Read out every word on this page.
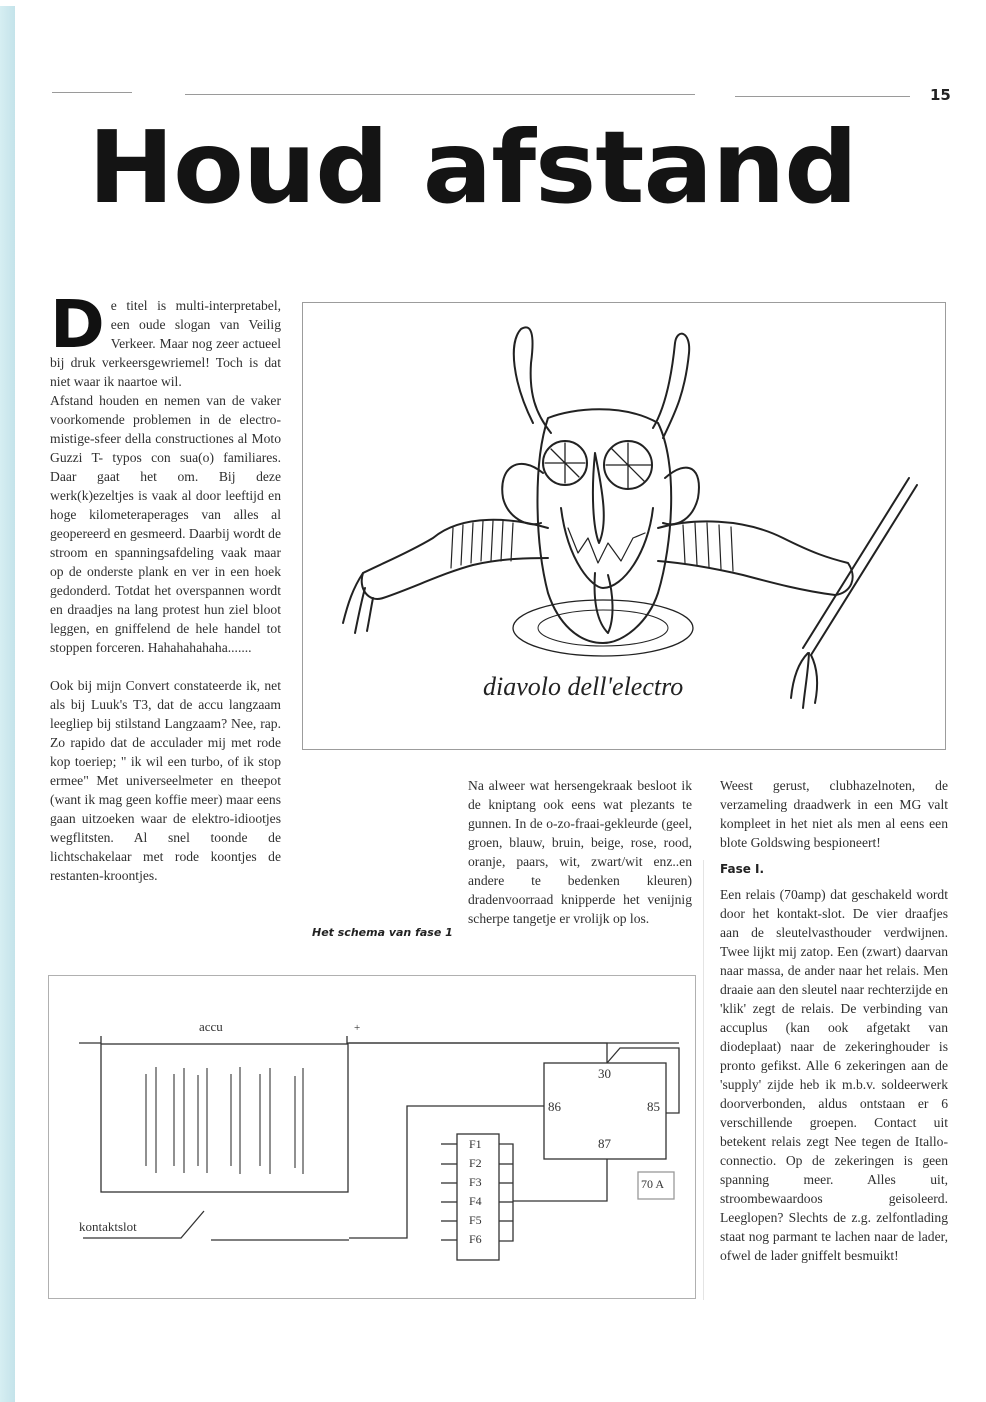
15
Houd afstand
D e titel is multi-interpretabel, een oude slogan van Veilig Verkeer. Maar nog zeer actueel bij druk verkeersgewriemel! Toch is dat niet waar ik naartoe wil.

Afstand houden en nemen van de vaker voorkomende problemen in de electro-mistige-sfeer della constructiones al Moto Guzzi T- typos con sua(o) familiares. Daar gaat het om. Bij deze werk(k)ezeltjes is vaak al door leeftijd en hoge kilometeraperages van alles al geopereerd en gesmeerd. Daarbij wordt de stroom en spanningsafdeling vaak maar op de onderste plank en ver in een hoek gedonderd. Totdat het overspannen wordt en draadjes na lang protest hun ziel bloot leggen, en gniffelend de hele handel tot stoppen forceren. Hahahahahaha.......

Ook bij mijn Convert constateerde ik, net als bij Luuk's T3, dat de accu langzaam leegliep bij stilstand Langzaam? Nee, rap. Zo rapido dat de acculader mij met rode kop toeriep; " ik wil een turbo, of ik stop ermee" Met universeelmeter en theepot (want ik mag geen koffie meer) maar eens gaan uitzoeken waar de elektro-idiootjes wegflitsten. Al snel toonde de lichtschakelaar met rode koontjes de restanten-kroontjes.

diavolo dell'electro
Het schema van fase 1

Na alweer wat hersengekraak besloot ik de kniptang ook eens wat plezants te gunnen. In de o-zo-fraai-gekleurde (geel, groen, blauw, bruin, beige, rose, rood, oranje, paars, wit, zwart/wit enz..en andere te bedenken kleuren) dradenvoorraad knipperde het venijnig scherpe tangetje er vrolijk op los.

Weest gerust, clubhazelnoten, de verzameling draadwerk in een MG valt kompleet in het niet als men al eens een blote Goldswing bespioneert!

Fase I.

Een relais (70amp) dat geschakeld wordt door het kontakt-slot. De vier draafjes aan de sleutelvasthouder verdwijnen. Twee lijkt mij zatop. Een (zwart) daarvan naar massa, de ander naar het relais. Men draaie aan den sleutel naar rechterzijde en 'klik' zegt de relais. De verbinding van accuplus (kan ook afgetakt van diodeplaat) naar de zekeringhouder is pronto gefikst. Alle 6 zekeringen aan de 'supply' zijde heb ik m.b.v. soldeerwerk doorverbonden, aldus ontstaan er 6 verschillende groepen. Contact uit betekent relais zegt Nee tegen de Itallo-connectio. Op de zekeringen is geen spanning meer. Alles uit, stroombewaardoos geisoleerd. Leeglopen? Slechts de z.g. zelfontlading staat nog parmant te lachen naar de lader, ofwel de lader gniffelt besmuikt!

accu	+
kontaktslot
30
86	85
87
70 A
F1
F2
F3
F4
F5
F6
